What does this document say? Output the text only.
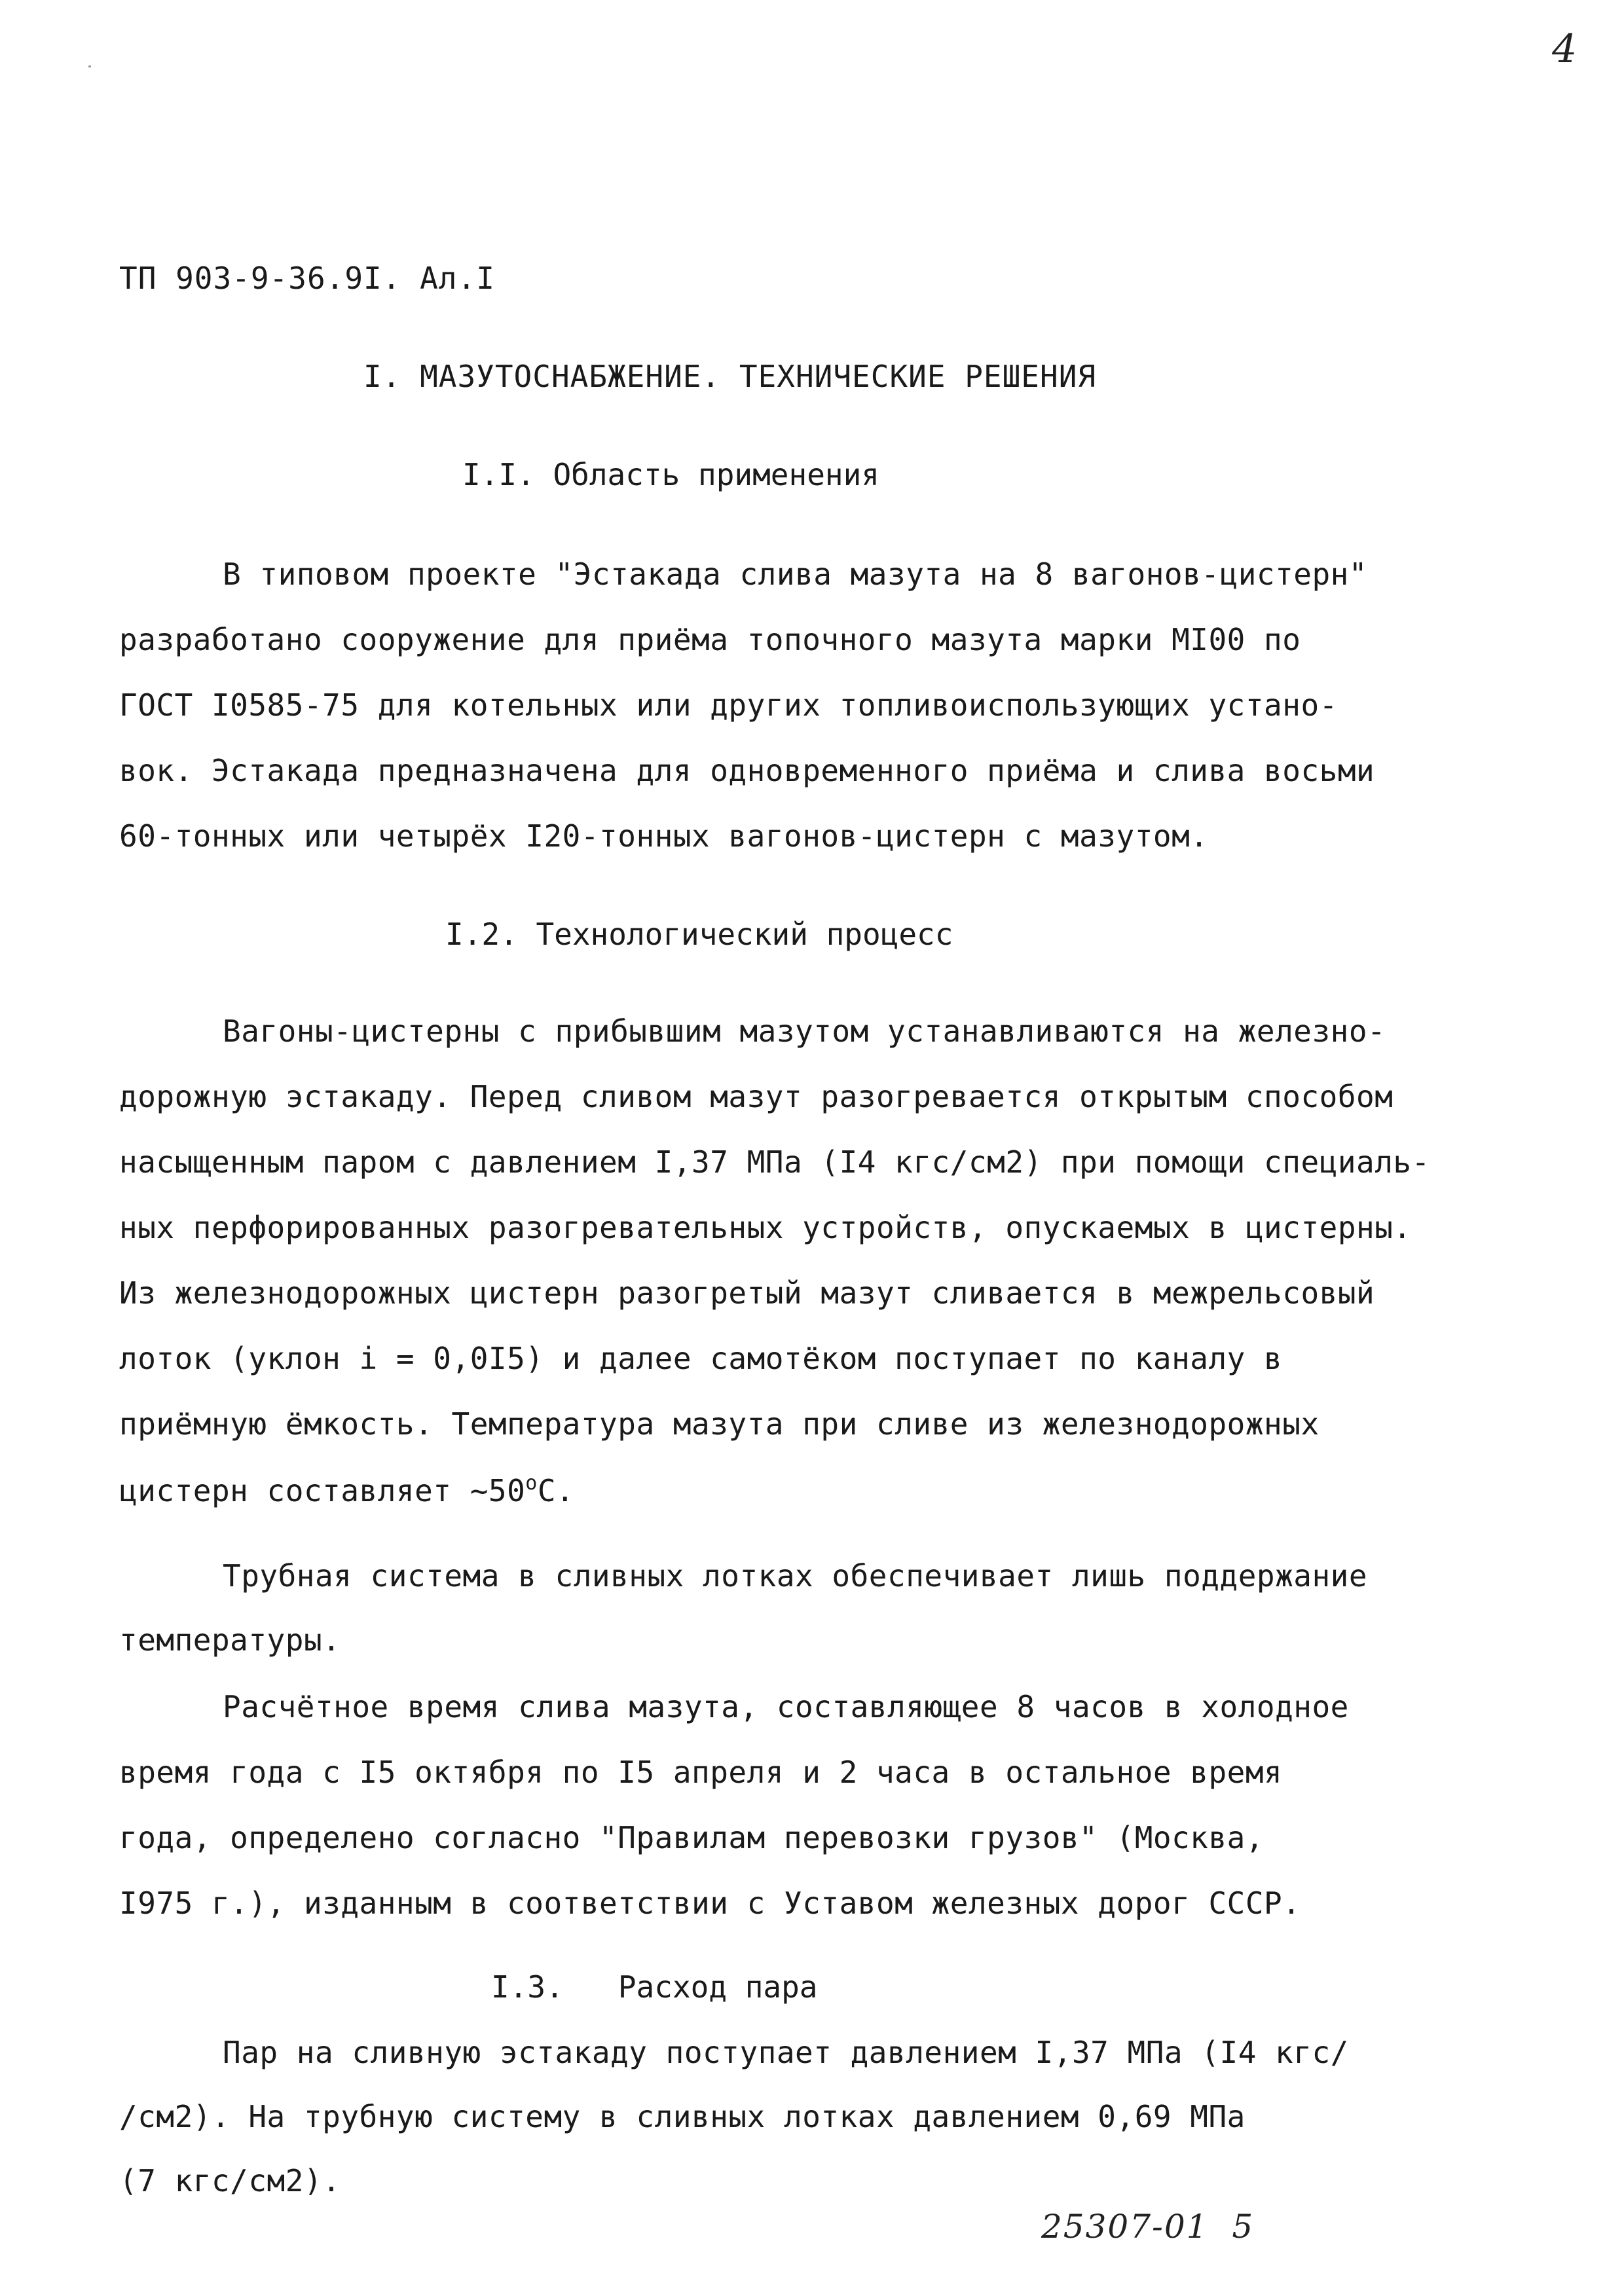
4
ТП 903-9-36.9I. Ал.I
I. МАЗУТОСНАБЖЕНИЕ. ТЕХНИЧЕСКИЕ РЕШЕНИЯ
I.I. Область применения
В типовом проекте "Эстакада слива мазута на 8 вагонов-цистерн"
разработано сооружение для приёма топочного мазута марки МI00 по
ГОСТ I0585-75 для котельных или других топливоиспользующих устано-
вок. Эстакада предназначена для одновременного приёма и слива восьми
60-тонных или четырёх I20-тонных вагонов-цистерн с мазутом.
I.2. Технологический процесс
Вагоны-цистерны с прибывшим мазутом устанавливаются на железно-
дорожную эстакаду. Перед сливом мазут разогревается открытым способом
насыщенным паром с давлением I,37 МПа (I4 кгс/см2) при помощи специаль-
ных перфорированных разогревательных устройств, опускаемых в цистерны.
Из железнодорожных цистерн разогретый мазут сливается в межрельсовый
лоток (уклон i = 0,0I5) и далее самотёком поступает по каналу в
приёмную ёмкость. Температура мазута при сливе из железнодорожных
цистерн составляет ~50$^o$C.
Трубная система в сливных лотках обеспечивает лишь поддержание
температуры.
Расчётное время слива мазута, составляющее 8 часов в холодное
время года с I5 октября по I5 апреля и 2 часа в остальное время
года, определено согласно "Правилам перевозки грузов" (Москва,
I975 г.), изданным в соответствии с Уставом железных дорог СССР.
I.3.   Расход пара
Пар на сливную эстакаду поступает давлением I,37 МПа (I4 кгс/
/см2). На трубную систему в сливных лотках давлением 0,69 МПа
(7 кгс/см2).
25307-01  5
